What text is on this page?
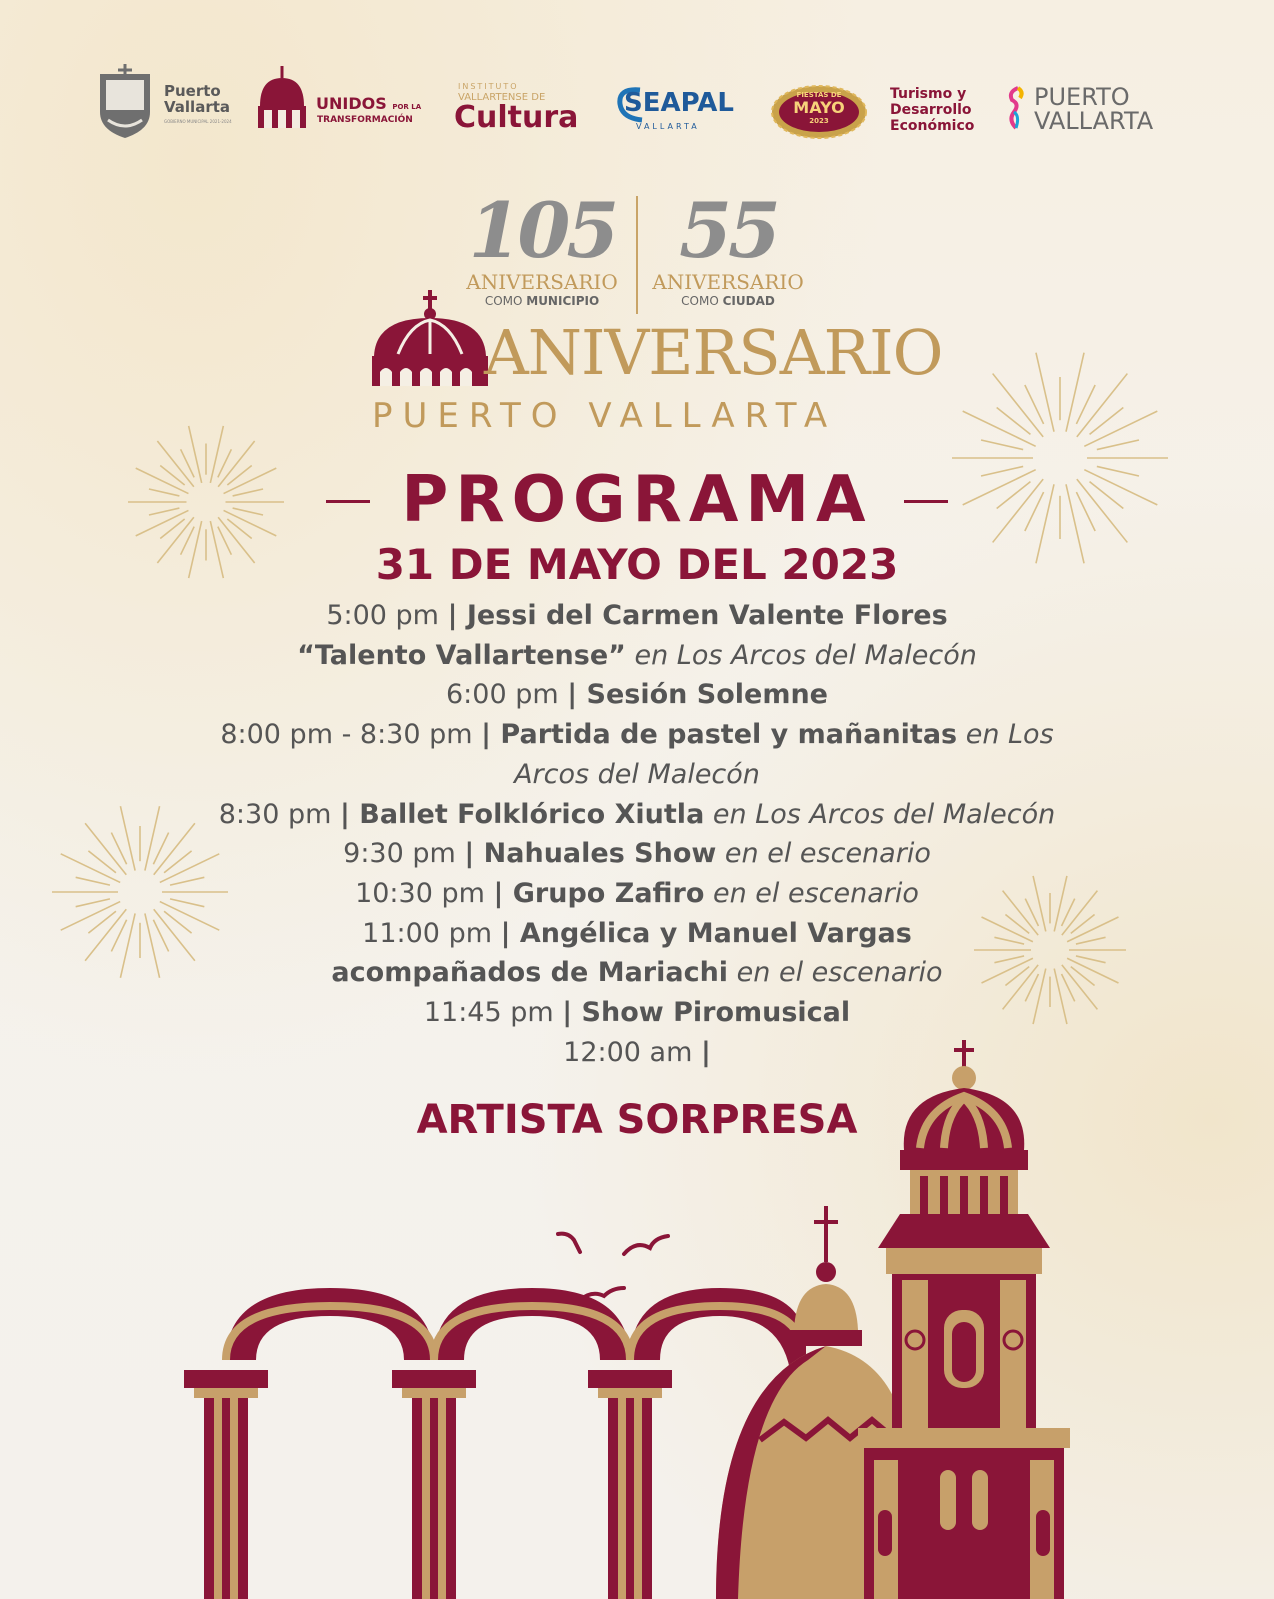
Puerto
Vallarta
GOBIERNO MUNICIPAL 2021-2024
UNIDOS POR LA
TRANSFORMACIÓN
INSTITUTO
VALLARTENSE DE
Cultura SEAPAL
VALLARTA
FIESTAS DE
MAYO
2023
Turismo y
Desarrollo
Económico
PUERTO
VALLARTA
105
ANIVERSARIO
COMO MUNICIPIO
55
ANIVERSARIO
COMO CIUDAD
ANIVERSARIO
PUERTO VALLARTA
PROGRAMA
31 DE MAYO DEL 2023
5:00 pm | Jessi del Carmen Valente Flores
“Talento Vallartense” en Los Arcos del Malecón
6:00 pm | Sesión Solemne
8:00 pm - 8:30 pm | Partida de pastel y mañanitas en Los
Arcos del Malecón
8:30 pm | Ballet Folklórico Xiutla en Los Arcos del Malecón
9:30 pm | Nahuales Show en el escenario
10:30 pm | Grupo Zafiro en el escenario
11:00 pm | Angélica y Manuel Vargas
acompañados de Mariachi en el escenario
11:45 pm | Show Piromusical
12:00 am |
ARTISTA SORPRESA
